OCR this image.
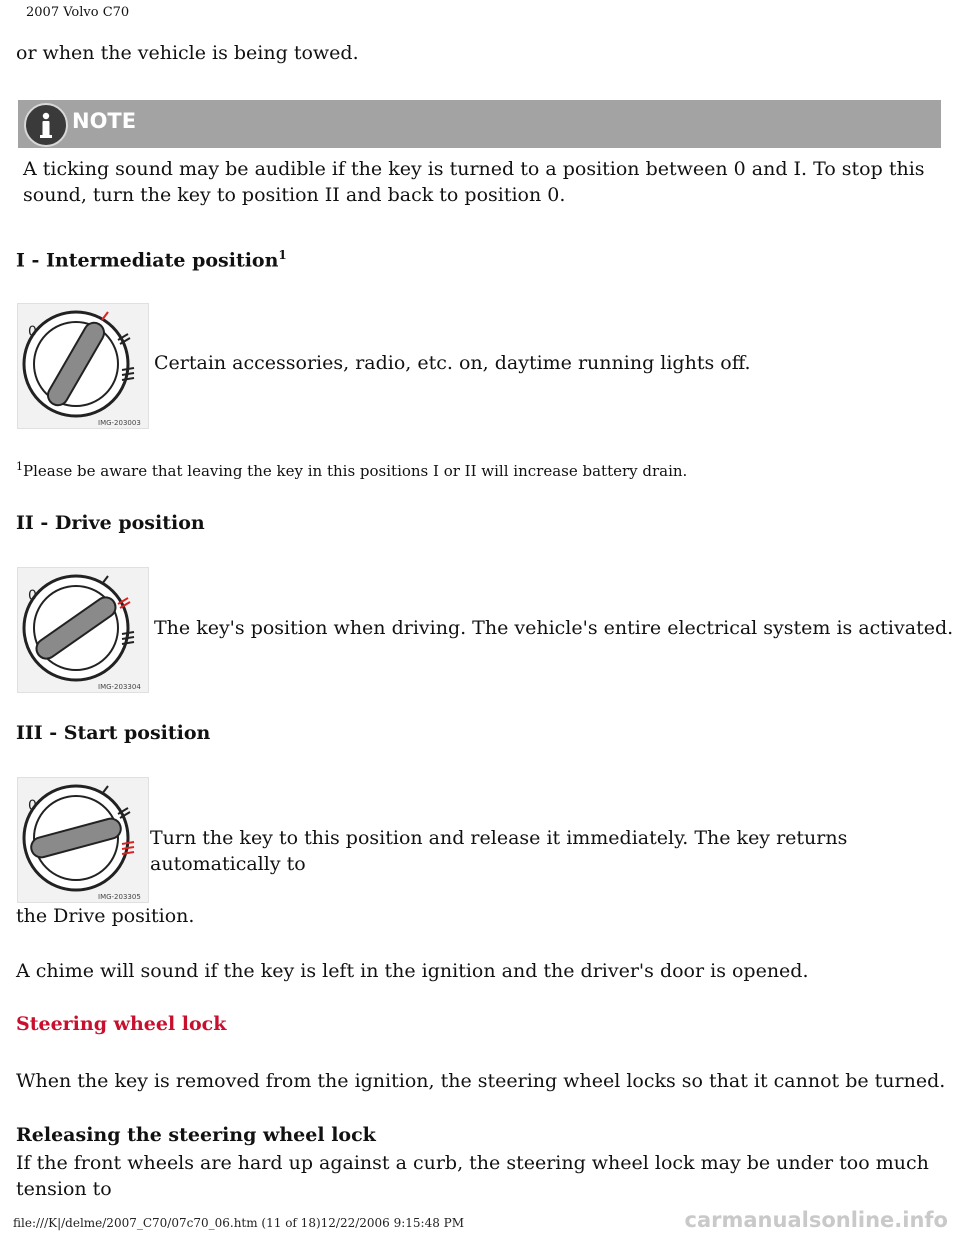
2007 Volvo C70
or when the vehicle is being towed.
NOTE
A ticking sound may be audible if the key is turned to a position between 0 and I. To stop this sound, turn the key to position II and back to position 0.
I - Intermediate position$^1$
0
IMG-203003
Certain accessories, radio, etc. on, daytime running lights off.
$^1$Please be aware that leaving the key in this positions I or II will increase battery drain.
II - Drive position
0
IMG-203304
The key's position when driving. The vehicle's entire electrical system is activated.
III - Start position
0
IMG-203305
Turn the key to this position and release it immediately. The key returns automatically to
the Drive position.
A chime will sound if the key is left in the ignition and the driver's door is opened.
Steering wheel lock
When the key is removed from the ignition, the steering wheel locks so that it cannot be turned.
Releasing the steering wheel lock
If the front wheels are hard up against a curb, the steering wheel lock may be under too much tension to
file:///K|/delme/2007_C70/07c70_06.htm (11 of 18)12/22/2006 9:15:48 PM	carmanualsonline.info
